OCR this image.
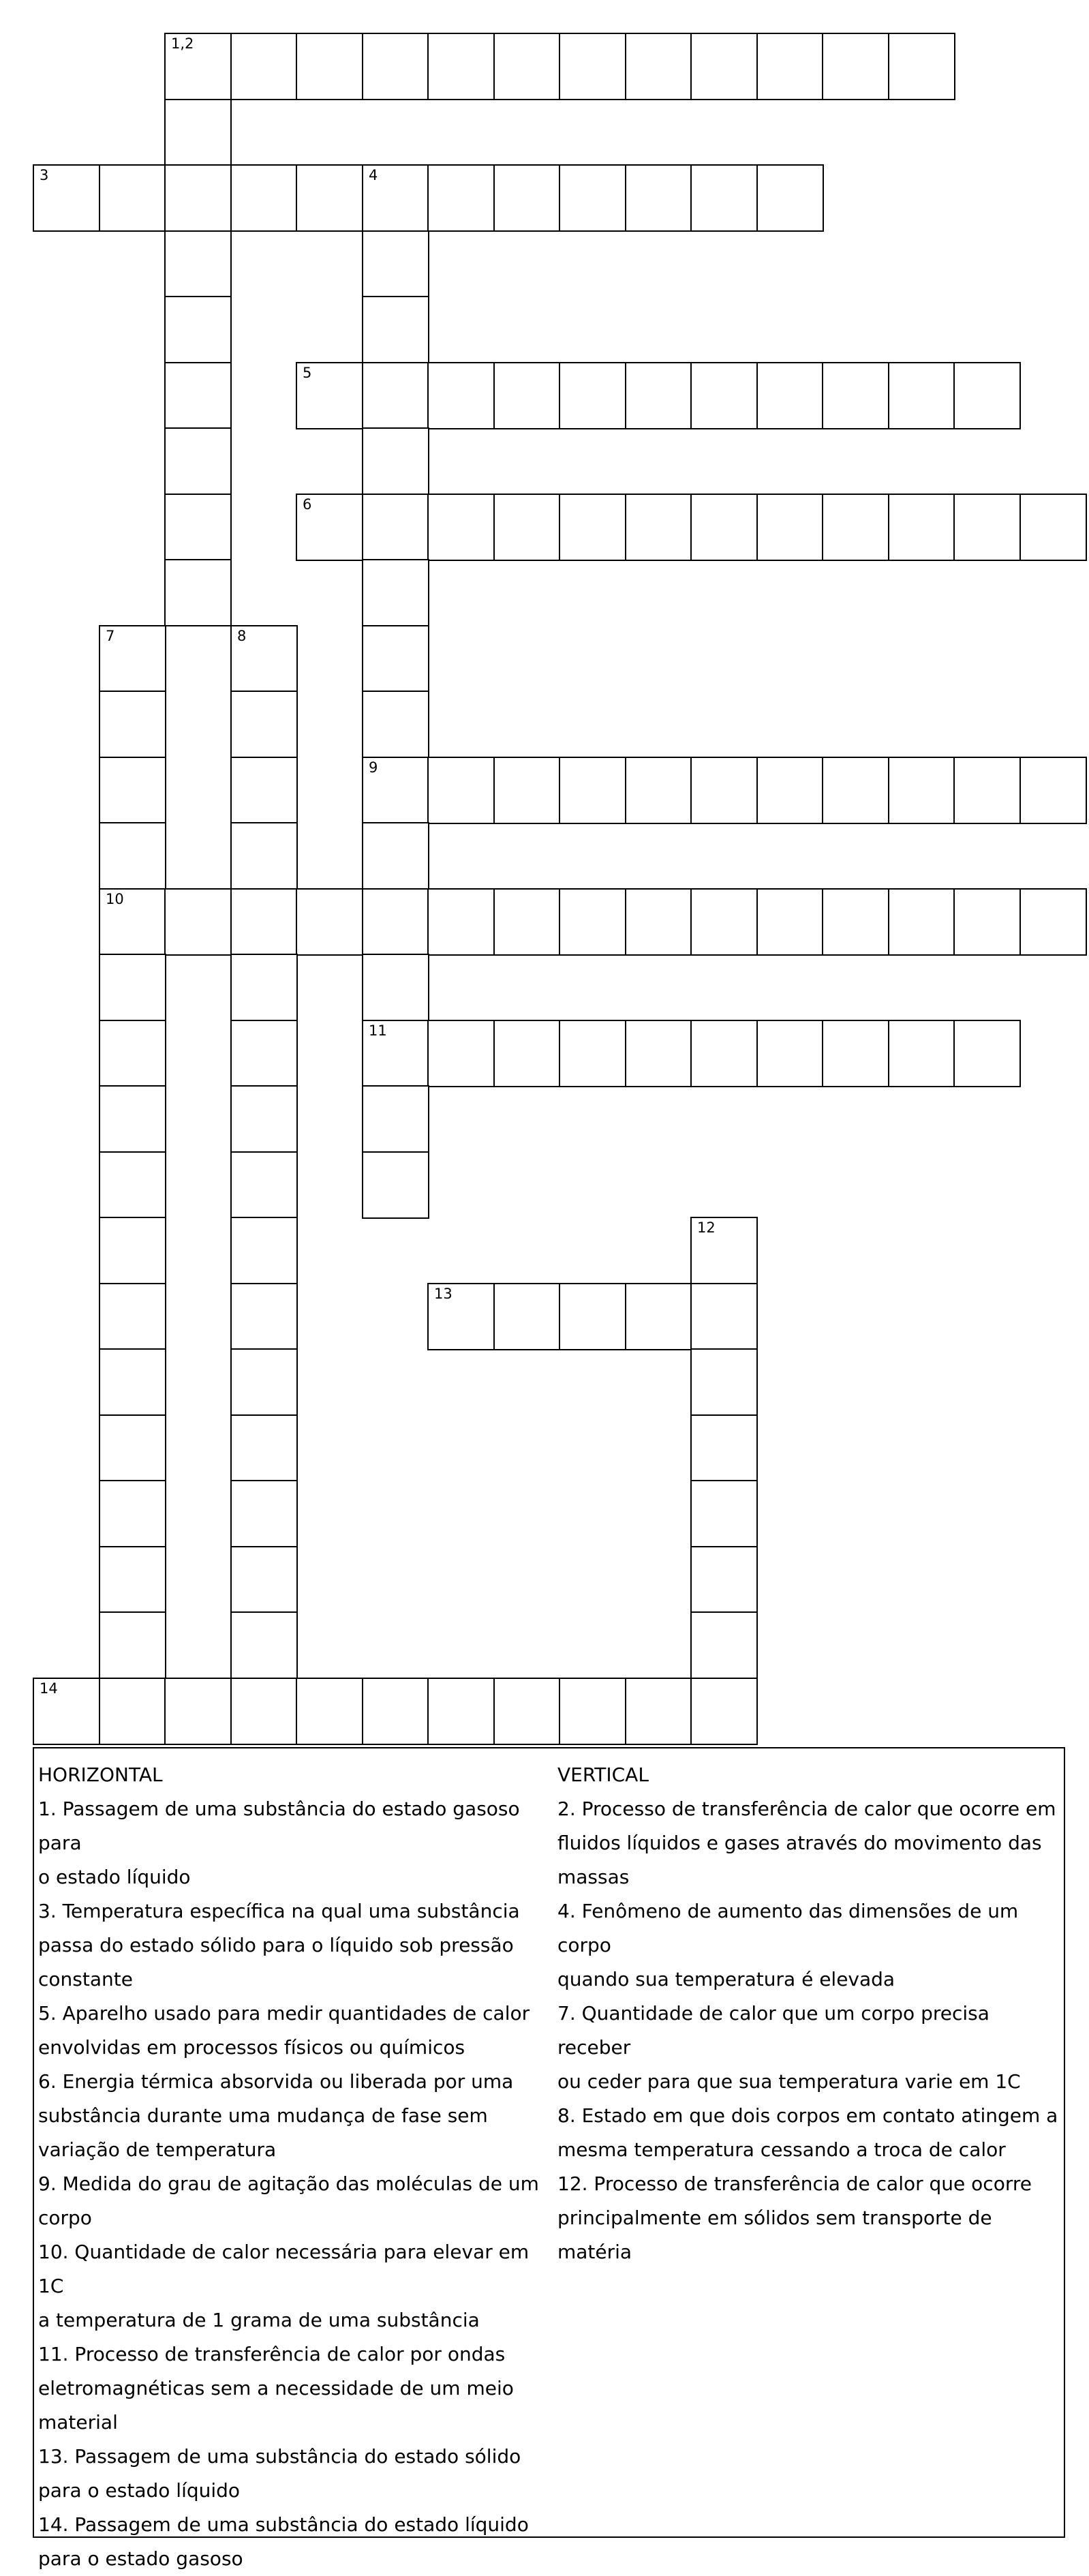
1,2
3	4
5
6
7	8
9
10
11
12
13
14
HORIZONTAL
1. Passagem de uma substância do estado gasoso para
o estado líquido
3. Temperatura específica na qual uma substância
passa do estado sólido para o líquido sob pressão
constante
5. Aparelho usado para medir quantidades de calor
envolvidas em processos físicos ou químicos
6. Energia térmica absorvida ou liberada por uma
substância durante uma mudança de fase sem
variação de temperatura
9. Medida do grau de agitação das moléculas de um
corpo
10. Quantidade de calor necessária para elevar em 1C
a temperatura de 1 grama de uma substância
11. Processo de transferência de calor por ondas
eletromagnéticas sem a necessidade de um meio
material
13. Passagem de uma substância do estado sólido
para o estado líquido
14. Passagem de uma substância do estado líquido
para o estado gasoso
VERTICAL
2. Processo de transferência de calor que ocorre em
fluidos líquidos e gases através do movimento das
massas
4. Fenômeno de aumento das dimensões de um corpo
quando sua temperatura é elevada
7. Quantidade de calor que um corpo precisa receber
ou ceder para que sua temperatura varie em 1C
8. Estado em que dois corpos em contato atingem a
mesma temperatura cessando a troca de calor
12. Processo de transferência de calor que ocorre
principalmente em sólidos sem transporte de matéria
